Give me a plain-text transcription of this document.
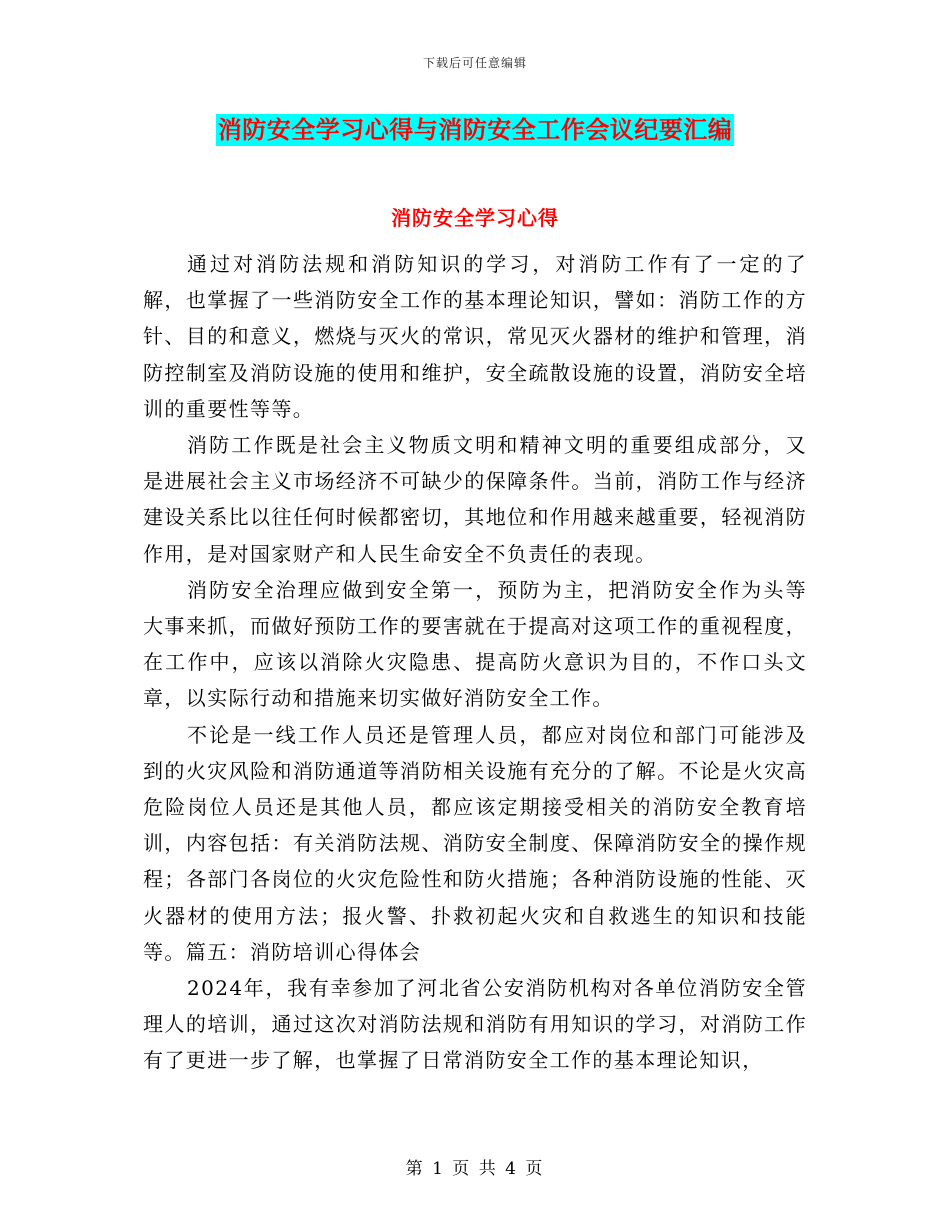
下载后可任意编辑
消防安全学习心得与消防安全工作会议纪要汇编
消防安全学习心得

通过对消防法规和消防知识的学习，对消防工作有了一定的了解，也掌握了一些消防安全工作的基本理论知识，譬如：消防工作的方针、目的和意义，燃烧与灭火的常识，常见灭火器材的维护和管理，消防控制室及消防设施的使用和维护，安全疏散设施的设置，消防安全培训的重要性等等。

消防工作既是社会主义物质文明和精神文明的重要组成部分，又是进展社会主义市场经济不可缺少的保障条件。当前，消防工作与经济建设关系比以往任何时候都密切，其地位和作用越来越重要，轻视消防作用，是对国家财产和人民生命安全不负责任的表现。

消防安全治理应做到安全第一，预防为主，把消防安全作为头等大事来抓，而做好预防工作的要害就在于提高对这项工作的重视程度，在工作中，应该以消除火灾隐患、提高防火意识为目的，不作口头文章，以实际行动和措施来切实做好消防安全工作。

不论是一线工作人员还是管理人员，都应对岗位和部门可能涉及到的火灾风险和消防通道等消防相关设施有充分的了解。不论是火灾高危险岗位人员还是其他人员，都应该定期接受相关的消防安全教育培训，内容包括：有关消防法规、消防安全制度、保障消防安全的操作规程；各部门各岗位的火灾危险性和防火措施；各种消防设施的性能、灭火器材的使用方法；报火警、扑救初起火灾和自救逃生的知识和技能等。篇五：消防培训心得体会

2024年，我有幸参加了河北省公安消防机构对各单位消防安全管理人的培训，通过这次对消防法规和消防有用知识的学习，对消防工作有了更进一步了解，也掌握了日常消防安全工作的基本理论知识，

第 1 页 共 4 页
